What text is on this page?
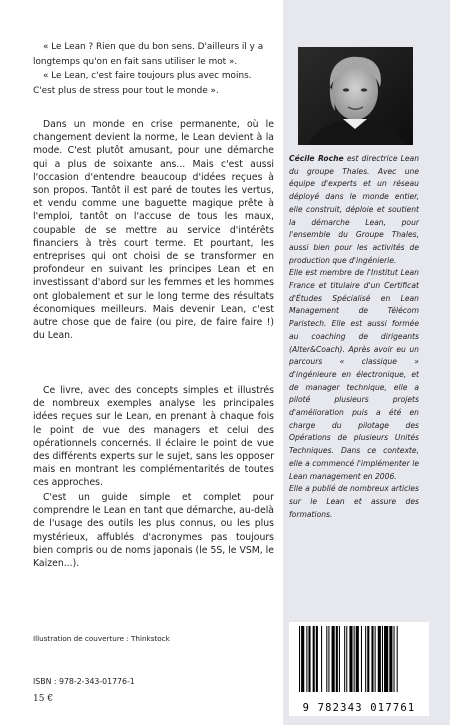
« Le Lean ? Rien que du bon sens. D'ailleurs il y a longtemps qu'on en fait sans utiliser le mot ».

« Le Lean, c'est faire toujours plus avec moins. C'est plus de stress pour tout le monde ».

Dans un monde en crise permanente, où le changement devient la norme, le Lean devient à la mode. C'est plutôt amusant, pour une démarche qui a plus de soixante ans... Mais c'est aussi l'occasion d'entendre beaucoup d'idées reçues à son propos. Tantôt il est paré de toutes les vertus, et vendu comme une baguette magique prête à l'emploi, tantôt on l'accuse de tous les maux, coupable de se mettre au service d'intérêts financiers à très court terme. Et pourtant, les entreprises qui ont choisi de se transformer en profondeur en suivant les principes Lean et en investissant d'abord sur les femmes et les hommes ont globalement et sur le long terme des résultats économiques meilleurs. Mais devenir Lean, c'est autre chose que de faire (ou pire, de faire faire !) du Lean.

Ce livre, avec des concepts simples et illustrés de nombreux exemples analyse les principales idées reçues sur le Lean, en prenant à chaque fois le point de vue des managers et celui des opérationnels concernés. Il éclaire le point de vue des différents experts sur le sujet, sans les opposer mais en montrant les complémentarités de toutes ces approches.

C'est un guide simple et complet pour comprendre le Lean en tant que démarche, au-delà de l'usage des outils les plus connus, ou les plus mystérieux, affublés d'acronymes pas toujours bien compris ou de noms japonais (le 5S, le VSM, le Kaizen...).

Illustration de couverture : Thinkstock
ISBN : 978-2-343-01776-1
15 €

Cécile Roche est directrice Lean du groupe Thales. Avec une équipe d'experts et un réseau déployé dans le monde entier, elle construit, déploie et soutient la démarche Lean, pour l'ensemble du Groupe Thales, aussi bien pour les activités de production que d'ingénierie.

Elle est membre de l'Institut Lean France et titulaire d'un Certificat d'Études Spécialisé en Lean Management de Télécom Paristech. Elle est aussi formée au coaching de dirigeants (Alter&Coach). Après avoir eu un parcours « classique » d'ingénieure en électronique, et de manager technique, elle a piloté plusieurs projets d'amélioration puis a été en charge du pilotage des Opérations de plusieurs Unités Techniques. Dans ce contexte, elle a commencé l'implémenter le Lean management en 2006.

Elle a publié de nombreux articles sur le Lean et assure des formations.

9 782343 017761
